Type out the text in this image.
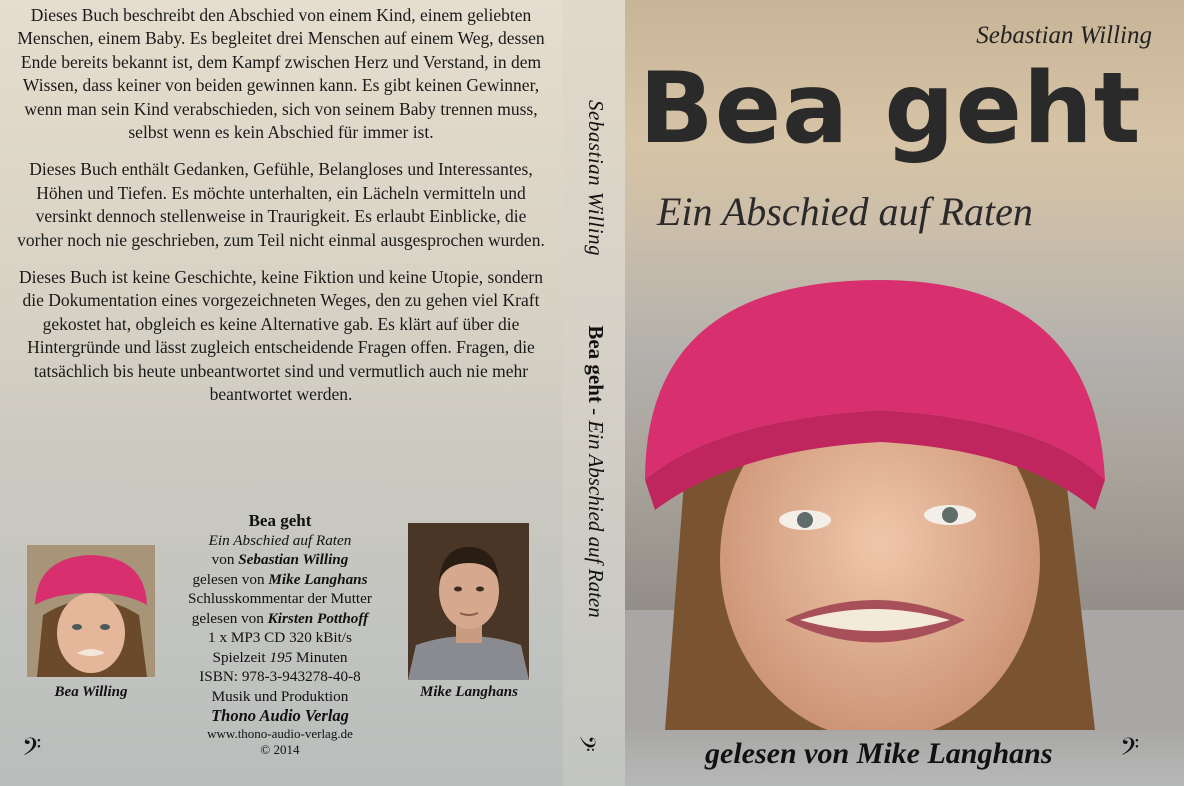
Dieses Buch beschreibt den Abschied von einem Kind, einem geliebten Menschen, einem Baby. Es begleitet drei Menschen auf einem Weg, dessen Ende bereits bekannt ist, dem Kampf zwischen Herz und Verstand, in dem Wissen, dass keiner von beiden gewinnen kann. Es gibt keinen Gewinner, wenn man sein Kind verabschieden, sich von seinem Baby trennen muss, selbst wenn es kein Abschied für immer ist.

Dieses Buch enthält Gedanken, Gefühle, Belangloses und Interessantes, Höhen und Tiefen. Es möchte unterhalten, ein Lächeln vermitteln und versinkt dennoch stellenweise in Traurigkeit. Es erlaubt Einblicke, die vorher noch nie geschrieben, zum Teil nicht einmal ausgesprochen wurden.

Dieses Buch ist keine Geschichte, keine Fiktion und keine Utopie, sondern die Dokumentation eines vorgezeichneten Weges, den zu gehen viel Kraft gekostet hat, obgleich es keine Alternative gab. Es klärt auf über die Hintergründe und lässt zugleich entscheidende Fragen offen. Fragen, die tatsächlich bis heute unbeantwortet sind und vermutlich auch nie mehr beantwortet werden.

Bea Willing
Bea geht
Ein Abschied auf Raten
von Sebastian Willing
gelesen von Mike Langhans
Schlusskommentar der Mutter
gelesen von Kirsten Potthoff
1 x MP3 CD 320 kBit/s
Spielzeit 195 Minuten
ISBN: 978-3-943278-40-8
Musik und Produktion
Thono Audio Verlag
www.thono-audio-verlag.de
© 2014
Mike Langhans
𝄢
Sebastian Willing Bea geht - Ein Abschied auf Raten
𝄢
Sebastian Willing
Bea geht
Ein Abschied auf Raten
gelesen von Mike Langhans 𝄢
